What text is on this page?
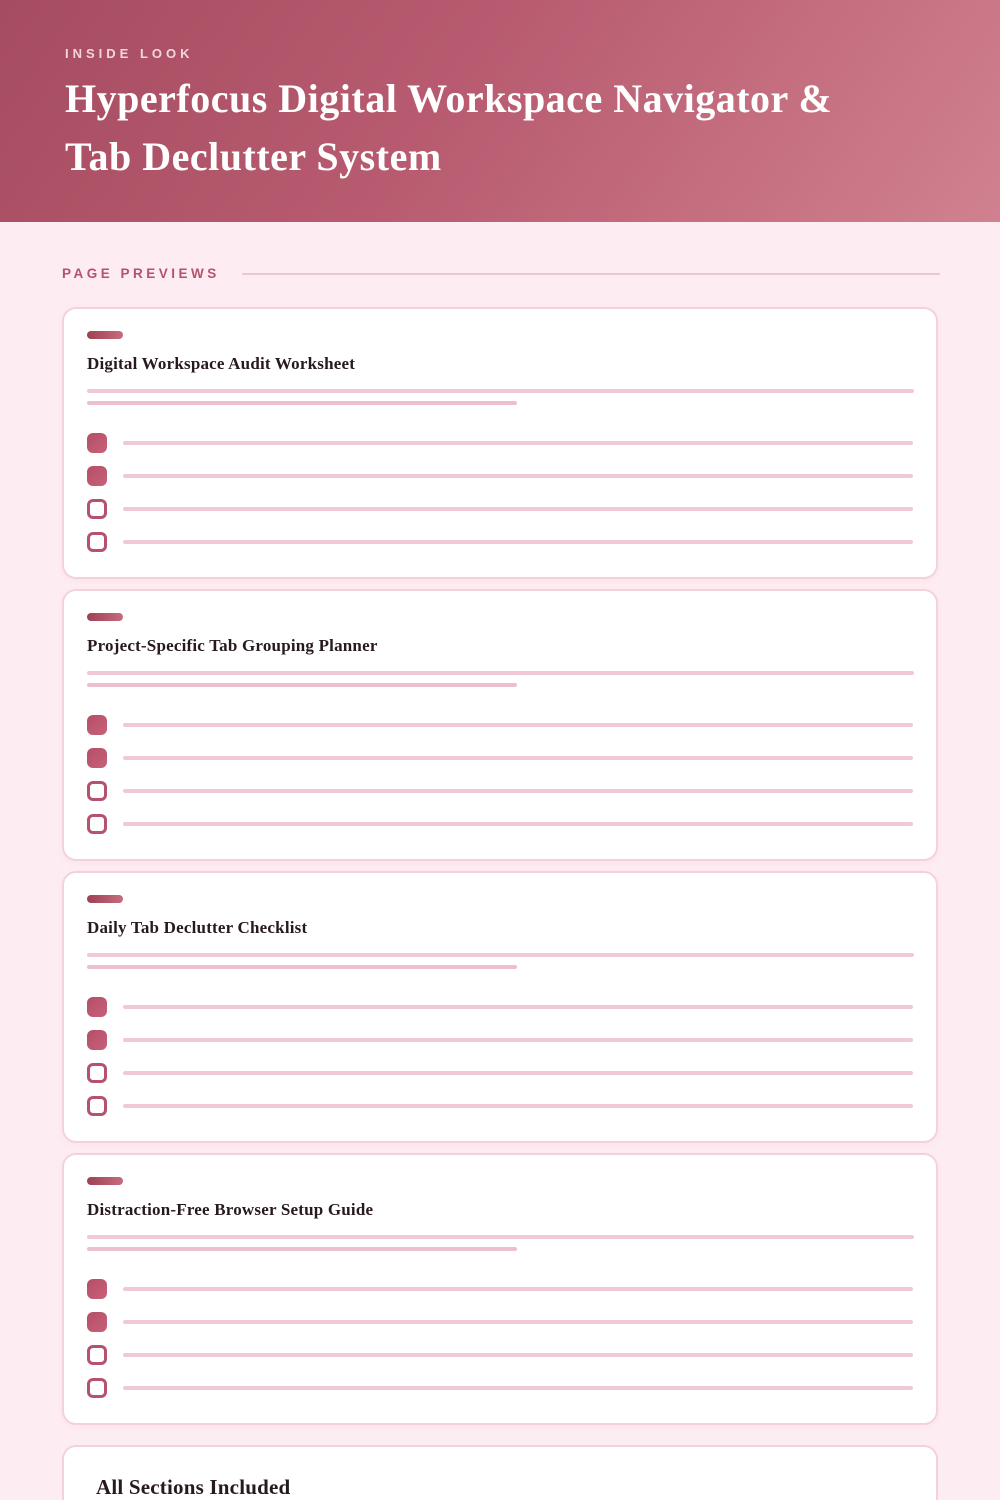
INSIDE LOOK
Hyperfocus Digital Workspace Navigator &
Tab Declutter System
PAGE PREVIEWS
Digital Workspace Audit Worksheet
Project-Specific Tab Grouping Planner
Daily Tab Declutter Checklist
Distraction-Free Browser Setup Guide
All Sections Included
